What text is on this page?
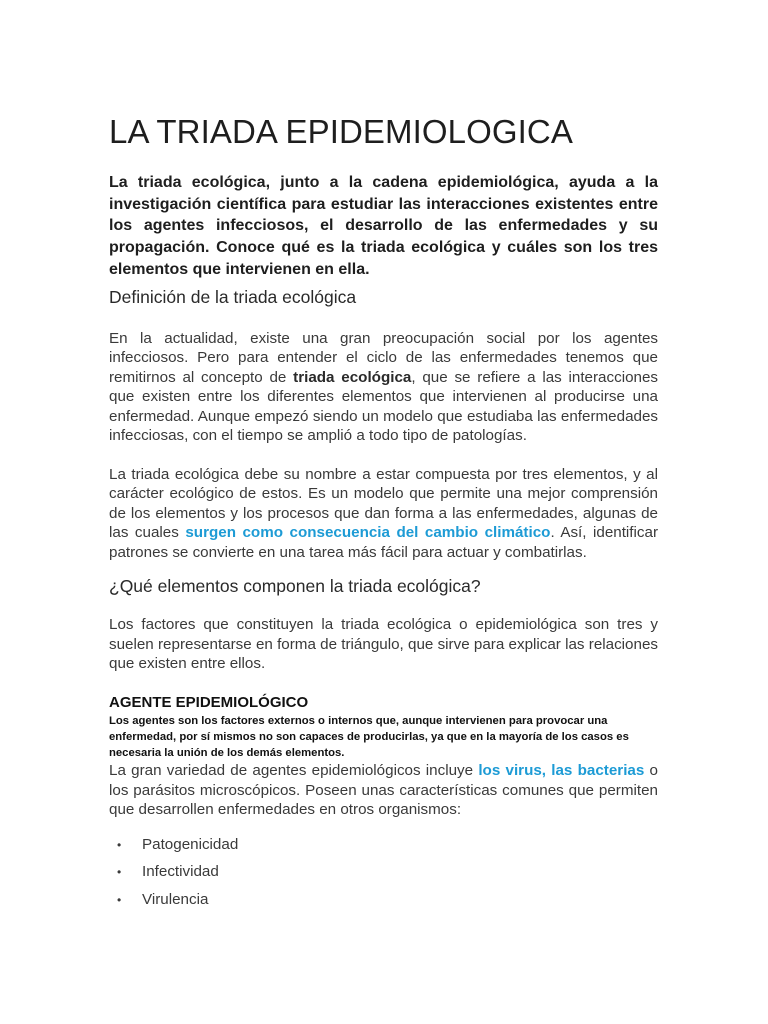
LA TRIADA EPIDEMIOLOGICA

La triada ecológica, junto a la cadena epidemiológica, ayuda a la investigación científica para estudiar las interacciones existentes entre los agentes infecciosos, el desarrollo de las enfermedades y su propagación. Conoce qué es la triada ecológica y cuáles son los tres elementos que intervienen en ella.

Definición de la triada ecológica

En la actualidad, existe una gran preocupación social por los agentes infecciosos. Pero para entender el ciclo de las enfermedades tenemos que remitirnos al concepto de triada ecológica, que se refiere a las interacciones que existen entre los diferentes elementos que intervienen al producirse una enfermedad. Aunque empezó siendo un modelo que estudiaba las enfermedades infecciosas, con el tiempo se amplió a todo tipo de patologías.

La triada ecológica debe su nombre a estar compuesta por tres elementos, y al carácter ecológico de estos. Es un modelo que permite una mejor comprensión de los elementos y los procesos que dan forma a las enfermedades, algunas de las cuales surgen como consecuencia del cambio climático. Así, identificar patrones se convierte en una tarea más fácil para actuar y combatirlas.

¿Qué elementos componen la triada ecológica?

Los factores que constituyen la triada ecológica o epidemiológica son tres y suelen representarse en forma de triángulo, que sirve para explicar las relaciones que existen entre ellos.

AGENTE EPIDEMIOLÓGICO

Los agentes son los factores externos o internos que, aunque intervienen para provocar una enfermedad, por sí mismos no son capaces de producirlas, ya que en la mayoría de los casos es necesaria la unión de los demás elementos.

La gran variedad de agentes epidemiológicos incluye los virus, las bacterias o los parásitos microscópicos. Poseen unas características comunes que permiten que desarrollen enfermedades en otros organismos:

• Patogenicidad
• Infectividad
• Virulencia
